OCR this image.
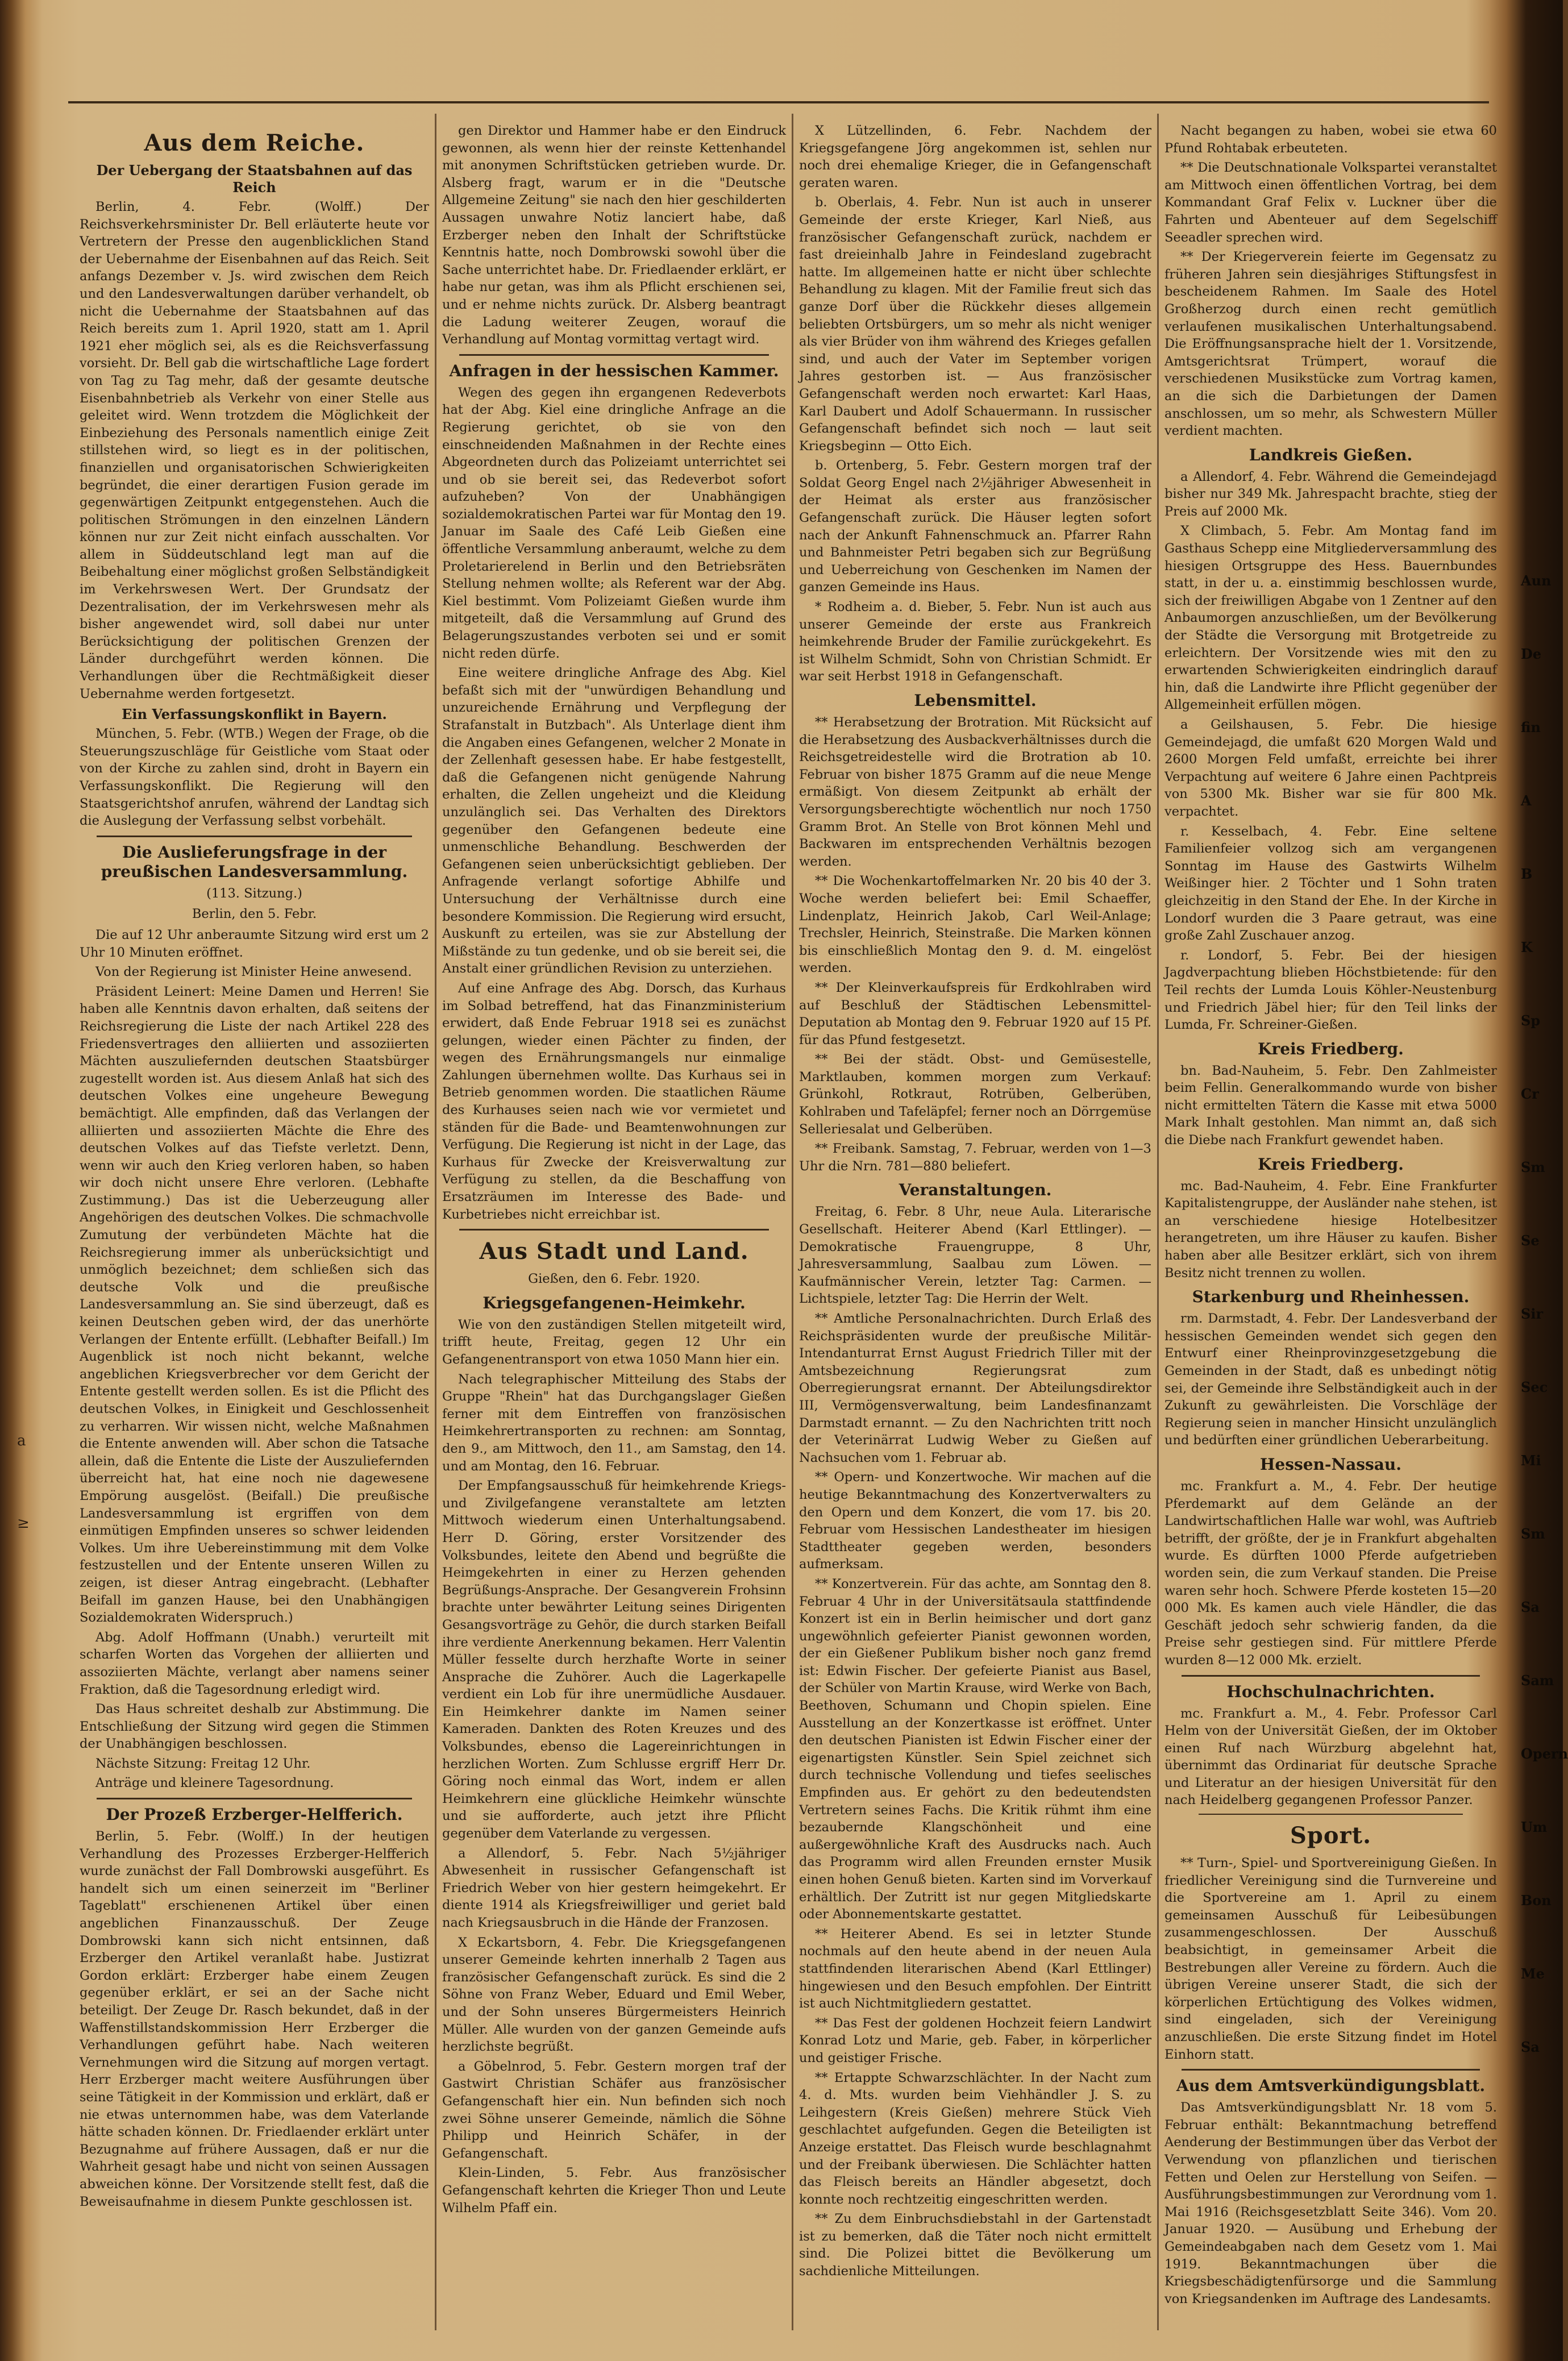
a
≥
Aus dem Reiche.
Der Uebergang der Staatsbahnen auf das Reich

Berlin, 4. Febr. (Wolff.) Der Reichsverkehrsminister Dr. Bell erläuterte heute vor Vertretern der Presse den augenblicklichen Stand der Uebernahme der Eisenbahnen auf das Reich. Seit anfangs Dezember v. Js. wird zwischen dem Reich und den Landesverwaltungen darüber verhandelt, ob nicht die Uebernahme der Staatsbahnen auf das Reich bereits zum 1. April 1920, statt am 1. April 1921 eher möglich sei, als es die Reichsverfassung vorsieht. Dr. Bell gab die wirtschaftliche Lage fordert von Tag zu Tag mehr, daß der gesamte deutsche Eisenbahnbetrieb als Verkehr von einer Stelle aus geleitet wird. Wenn trotzdem die Möglichkeit der Einbeziehung des Personals namentlich einige Zeit stillstehen wird, so liegt es in der politischen, finanziellen und organisatorischen Schwierigkeiten begründet, die einer derartigen Fusion gerade im gegenwärtigen Zeitpunkt entgegenstehen. Auch die politischen Strömungen in den einzelnen Ländern können nur zur Zeit nicht einfach ausschalten. Vor allem in Süddeutschland legt man auf die Beibehaltung einer möglichst großen Selbständigkeit im Verkehrswesen Wert. Der Grundsatz der Dezentralisation, der im Verkehrswesen mehr als bisher angewendet wird, soll dabei nur unter Berücksichtigung der politischen Grenzen der Länder durchgeführt werden können. Die Verhandlungen über die Rechtmäßigkeit dieser Uebernahme werden fortgesetzt.

Ein Verfassungskonflikt in Bayern.

München, 5. Febr. (WTB.) Wegen der Frage, ob die Steuerungszuschläge für Geistliche vom Staat oder von der Kirche zu zahlen sind, droht in Bayern ein Verfassungskonflikt. Die Regierung will den Staatsgerichtshof anrufen, während der Landtag sich die Auslegung der Verfassung selbst vorbehält.

Die Auslieferungsfrage in der preußischen Landesversammlung.

(113. Sitzung.)

Berlin, den 5. Febr.

Die auf 12 Uhr anberaumte Sitzung wird erst um 2 Uhr 10 Minuten eröffnet.

Von der Regierung ist Minister Heine anwesend.

Präsident Leinert: Meine Damen und Herren! Sie haben alle Kenntnis davon erhalten, daß seitens der Reichsregierung die Liste der nach Artikel 228 des Friedensvertrages den alliierten und assoziierten Mächten auszuliefernden deutschen Staatsbürger zugestellt worden ist. Aus diesem Anlaß hat sich des deutschen Volkes eine ungeheure Bewegung bemächtigt. Alle empfinden, daß das Verlangen der alliierten und assoziierten Mächte die Ehre des deutschen Volkes auf das Tiefste verletzt. Denn, wenn wir auch den Krieg verloren haben, so haben wir doch nicht unsere Ehre verloren. (Lebhafte Zustimmung.) Das ist die Ueberzeugung aller Angehörigen des deutschen Volkes. Die schmachvolle Zumutung der verbündeten Mächte hat die Reichsregierung immer als unberücksichtigt und unmöglich bezeichnet; dem schließen sich das deutsche Volk und die preußische Landesversammlung an. Sie sind überzeugt, daß es keinen Deutschen geben wird, der das unerhörte Verlangen der Entente erfüllt. (Lebhafter Beifall.) Im Augenblick ist noch nicht bekannt, welche angeblichen Kriegsverbrecher vor dem Gericht der Entente gestellt werden sollen. Es ist die Pflicht des deutschen Volkes, in Einigkeit und Geschlossenheit zu verharren. Wir wissen nicht, welche Maßnahmen die Entente anwenden will. Aber schon die Tatsache allein, daß die Entente die Liste der Auszuliefernden überreicht hat, hat eine noch nie dagewesene Empörung ausgelöst. (Beifall.) Die preußische Landesversammlung ist ergriffen von dem einmütigen Empfinden unseres so schwer leidenden Volkes. Um ihre Uebereinstimmung mit dem Volke festzustellen und der Entente unseren Willen zu zeigen, ist dieser Antrag eingebracht. (Lebhafter Beifall im ganzen Hause, bei den Unabhängigen Sozialdemokraten Widerspruch.)

Abg. Adolf Hoffmann (Unabh.) verurteilt mit scharfen Worten das Vorgehen der alliierten und assoziierten Mächte, verlangt aber namens seiner Fraktion, daß die Tagesordnung erledigt wird.

Das Haus schreitet deshalb zur Abstimmung. Die Entschließung der Sitzung wird gegen die Stimmen der Unabhängigen beschlossen.

Nächste Sitzung: Freitag 12 Uhr.

Anträge und kleinere Tagesordnung.

Der Prozeß Erzberger-Helfferich.

Berlin, 5. Febr. (Wolff.) In der heutigen Verhandlung des Prozesses Erzberger-Helfferich wurde zunächst der Fall Dombrowski ausgeführt. Es handelt sich um einen seinerzeit im "Berliner Tageblatt" erschienenen Artikel über einen angeblichen Finanzausschuß. Der Zeuge Dombrowski kann sich nicht entsinnen, daß Erzberger den Artikel veranlaßt habe. Justizrat Gordon erklärt: Erzberger habe einem Zeugen gegenüber erklärt, er sei an der Sache nicht beteiligt. Der Zeuge Dr. Rasch bekundet, daß in der Waffenstillstandskommission Herr Erzberger die Verhandlungen geführt habe. Nach weiteren Vernehmungen wird die Sitzung auf morgen vertagt. Herr Erzberger macht weitere Ausführungen über seine Tätigkeit in der Kommission und erklärt, daß er nie etwas unternommen habe, was dem Vaterlande hätte schaden können. Dr. Friedlaender erklärt unter Bezugnahme auf frühere Aussagen, daß er nur die Wahrheit gesagt habe und nicht von seinen Aussagen abweichen könne. Der Vorsitzende stellt fest, daß die Beweisaufnahme in diesem Punkte geschlossen ist.

gen Direktor und Hammer habe er den Eindruck gewonnen, als wenn hier der reinste Kettenhandel mit anonymen Schriftstücken getrieben wurde. Dr. Alsberg fragt, warum er in die "Deutsche Allgemeine Zeitung" sie nach den hier geschilderten Aussagen unwahre Notiz lanciert habe, daß Erzberger neben den Inhalt der Schriftstücke Kenntnis hatte, noch Dombrowski sowohl über die Sache unterrichtet habe. Dr. Friedlaender erklärt, er habe nur getan, was ihm als Pflicht erschienen sei, und er nehme nichts zurück. Dr. Alsberg beantragt die Ladung weiterer Zeugen, worauf die Verhandlung auf Montag vormittag vertagt wird.

Anfragen in der hessischen Kammer.

Wegen des gegen ihn ergangenen Redeverbots hat der Abg. Kiel eine dringliche Anfrage an die Regierung gerichtet, ob sie von den einschneidenden Maßnahmen in der Rechte eines Abgeordneten durch das Polizeiamt unterrichtet sei und ob sie bereit sei, das Redeverbot sofort aufzuheben? Von der Unabhängigen sozialdemokratischen Partei war für Montag den 19. Januar im Saale des Café Leib Gießen eine öffentliche Versammlung anberaumt, welche zu dem Proletarierelend in Berlin und den Betriebsräten Stellung nehmen wollte; als Referent war der Abg. Kiel bestimmt. Vom Polizeiamt Gießen wurde ihm mitgeteilt, daß die Versammlung auf Grund des Belagerungszustandes verboten sei und er somit nicht reden dürfe.

Eine weitere dringliche Anfrage des Abg. Kiel befaßt sich mit der "unwürdigen Behandlung und unzureichende Ernährung und Verpflegung der Strafanstalt in Butzbach". Als Unterlage dient ihm die Angaben eines Gefangenen, welcher 2 Monate in der Zellenhaft gesessen habe. Er habe festgestellt, daß die Gefangenen nicht genügende Nahrung erhalten, die Zellen ungeheizt und die Kleidung unzulänglich sei. Das Verhalten des Direktors gegenüber den Gefangenen bedeute eine unmenschliche Behandlung. Beschwerden der Gefangenen seien unberücksichtigt geblieben. Der Anfragende verlangt sofortige Abhilfe und Untersuchung der Verhältnisse durch eine besondere Kommission. Die Regierung wird ersucht, Auskunft zu erteilen, was sie zur Abstellung der Mißstände zu tun gedenke, und ob sie bereit sei, die Anstalt einer gründlichen Revision zu unterziehen.

Auf eine Anfrage des Abg. Dorsch, das Kurhaus im Solbad betreffend, hat das Finanzministerium erwidert, daß Ende Februar 1918 sei es zunächst gelungen, wieder einen Pächter zu finden, der wegen des Ernährungsmangels nur einmalige Zahlungen übernehmen wollte. Das Kurhaus sei in Betrieb genommen worden. Die staatlichen Räume des Kurhauses seien nach wie vor vermietet und ständen für die Bade- und Beamtenwohnungen zur Verfügung. Die Regierung ist nicht in der Lage, das Kurhaus für Zwecke der Kreisverwaltung zur Verfügung zu stellen, da die Beschaffung von Ersatzräumen im Interesse des Bade- und Kurbetriebes nicht erreichbar ist.

Aus Stadt und Land.

Gießen, den 6. Febr. 1920.

Kriegsgefangenen-Heimkehr.

Wie von den zuständigen Stellen mitgeteilt wird, trifft heute, Freitag, gegen 12 Uhr ein Gefangenentransport von etwa 1050 Mann hier ein.

Nach telegraphischer Mitteilung des Stabs der Gruppe "Rhein" hat das Durchgangslager Gießen ferner mit dem Eintreffen von französischen Heimkehrertransporten zu rechnen: am Sonntag, den 9., am Mittwoch, den 11., am Samstag, den 14. und am Montag, den 16. Februar.

Der Empfangsausschuß für heimkehrende Kriegs- und Zivilgefangene veranstaltete am letzten Mittwoch wiederum einen Unterhaltungsabend. Herr D. Göring, erster Vorsitzender des Volksbundes, leitete den Abend und begrüßte die Heimgekehrten in einer zu Herzen gehenden Begrüßungs-Ansprache. Der Gesangverein Frohsinn brachte unter bewährter Leitung seines Dirigenten Gesangsvorträge zu Gehör, die durch starken Beifall ihre verdiente Anerkennung bekamen. Herr Valentin Müller fesselte durch herzhafte Worte in seiner Ansprache die Zuhörer. Auch die Lagerkapelle verdient ein Lob für ihre unermüdliche Ausdauer. Ein Heimkehrer dankte im Namen seiner Kameraden. Dankten des Roten Kreuzes und des Volksbundes, ebenso die Lagereinrichtungen in herzlichen Worten. Zum Schlusse ergriff Herr Dr. Göring noch einmal das Wort, indem er allen Heimkehrern eine glückliche Heimkehr wünschte und sie aufforderte, auch jetzt ihre Pflicht gegenüber dem Vaterlande zu vergessen.

a Allendorf, 5. Febr. Nach 5½jähriger Abwesenheit in russischer Gefangenschaft ist Friedrich Weber von hier gestern heimgekehrt. Er diente 1914 als Kriegsfreiwilliger und geriet bald nach Kriegsausbruch in die Hände der Franzosen.

X Eckartsborn, 4. Febr. Die Kriegsgefangenen unserer Gemeinde kehrten innerhalb 2 Tagen aus französischer Gefangenschaft zurück. Es sind die 2 Söhne von Franz Weber, Eduard und Emil Weber, und der Sohn unseres Bürgermeisters Heinrich Müller. Alle wurden von der ganzen Gemeinde aufs herzlichste begrüßt.

a Göbelnrod, 5. Febr. Gestern morgen traf der Gastwirt Christian Schäfer aus französischer Gefangenschaft hier ein. Nun befinden sich noch zwei Söhne unserer Gemeinde, nämlich die Söhne Philipp und Heinrich Schäfer, in der Gefangenschaft.

Klein-Linden, 5. Febr. Aus französischer Gefangenschaft kehrten die Krieger Thon und Leute Wilhelm Pfaff ein.

X Lützellinden, 6. Febr. Nachdem der Kriegsgefangene Jörg angekommen ist, sehlen nur noch drei ehemalige Krieger, die in Gefangenschaft geraten waren.

b. Oberlais, 4. Febr. Nun ist auch in unserer Gemeinde der erste Krieger, Karl Nieß, aus französischer Gefangenschaft zurück, nachdem er fast dreieinhalb Jahre in Feindesland zugebracht hatte. Im allgemeinen hatte er nicht über schlechte Behandlung zu klagen. Mit der Familie freut sich das ganze Dorf über die Rückkehr dieses allgemein beliebten Ortsbürgers, um so mehr als nicht weniger als vier Brüder von ihm während des Krieges gefallen sind, und auch der Vater im September vorigen Jahres gestorben ist. — Aus französischer Gefangenschaft werden noch erwartet: Karl Haas, Karl Daubert und Adolf Schauermann. In russischer Gefangenschaft befindet sich noch — laut seit Kriegsbeginn — Otto Eich.

b. Ortenberg, 5. Febr. Gestern morgen traf der Soldat Georg Engel nach 2½jähriger Abwesenheit in der Heimat als erster aus französischer Gefangenschaft zurück. Die Häuser legten sofort nach der Ankunft Fahnenschmuck an. Pfarrer Rahn und Bahnmeister Petri begaben sich zur Begrüßung und Ueberreichung von Geschenken im Namen der ganzen Gemeinde ins Haus.

* Rodheim a. d. Bieber, 5. Febr. Nun ist auch aus unserer Gemeinde der erste aus Frankreich heimkehrende Bruder der Familie zurückgekehrt. Es ist Wilhelm Schmidt, Sohn von Christian Schmidt. Er war seit Herbst 1918 in Gefangenschaft.

Lebensmittel.

** Herabsetzung der Brotration. Mit Rücksicht auf die Herabsetzung des Ausbackverhältnisses durch die Reichsgetreidestelle wird die Brotration ab 10. Februar von bisher 1875 Gramm auf die neue Menge ermäßigt. Von diesem Zeitpunkt ab erhält der Versorgungsberechtigte wöchentlich nur noch 1750 Gramm Brot. An Stelle von Brot können Mehl und Backwaren im entsprechenden Verhältnis bezogen werden.

** Die Wochenkartoffelmarken Nr. 20 bis 40 der 3. Woche werden beliefert bei: Emil Schaeffer, Lindenplatz, Heinrich Jakob, Carl Weil-Anlage; Trechsler, Heinrich, Steinstraße. Die Marken können bis einschließlich Montag den 9. d. M. eingelöst werden.

** Der Kleinverkaufspreis für Erdkohlraben wird auf Beschluß der Städtischen Lebensmittel-Deputation ab Montag den 9. Februar 1920 auf 15 Pf. für das Pfund festgesetzt.

** Bei der städt. Obst- und Gemüsestelle, Marktlauben, kommen morgen zum Verkauf: Grünkohl, Rotkraut, Rotrüben, Gelberüben, Kohlraben und Tafeläpfel; ferner noch an Dörrgemüse Selleriesalat und Gelberüben.

** Freibank. Samstag, 7. Februar, werden von 1—3 Uhr die Nrn. 781—880 beliefert.

Veranstaltungen.

Freitag, 6. Febr. 8 Uhr, neue Aula. Literarische Gesellschaft. Heiterer Abend (Karl Ettlinger). — Demokratische Frauengruppe, 8 Uhr, Jahresversammlung, Saalbau zum Löwen. — Kaufmännischer Verein, letzter Tag: Carmen. — Lichtspiele, letzter Tag: Die Herrin der Welt.

** Amtliche Personalnachrichten. Durch Erlaß des Reichspräsidenten wurde der preußische Militär-Intendanturrat Ernst August Friedrich Tiller mit der Amtsbezeichnung Regierungsrat zum Oberregierungsrat ernannt. Der Abteilungsdirektor III, Vermögensverwaltung, beim Landesfinanzamt Darmstadt ernannt. — Zu den Nachrichten tritt noch der Veterinärrat Ludwig Weber zu Gießen auf Nachsuchen vom 1. Februar ab.

** Opern- und Konzertwoche. Wir machen auf die heutige Bekanntmachung des Konzertverwalters zu den Opern und dem Konzert, die vom 17. bis 20. Februar vom Hessischen Landestheater im hiesigen Stadttheater gegeben werden, besonders aufmerksam.

** Konzertverein. Für das achte, am Sonntag den 8. Februar 4 Uhr in der Universitätsaula stattfindende Konzert ist ein in Berlin heimischer und dort ganz ungewöhnlich gefeierter Pianist gewonnen worden, der ein Gießener Publikum bisher noch ganz fremd ist: Edwin Fischer. Der gefeierte Pianist aus Basel, der Schüler von Martin Krause, wird Werke von Bach, Beethoven, Schumann und Chopin spielen. Eine Ausstellung an der Konzertkasse ist eröffnet. Unter den deutschen Pianisten ist Edwin Fischer einer der eigenartigsten Künstler. Sein Spiel zeichnet sich durch technische Vollendung und tiefes seelisches Empfinden aus. Er gehört zu den bedeutendsten Vertretern seines Fachs. Die Kritik rühmt ihm eine bezaubernde Klangschönheit und eine außergewöhnliche Kraft des Ausdrucks nach. Auch das Programm wird allen Freunden ernster Musik einen hohen Genuß bieten. Karten sind im Vorverkauf erhältlich. Der Zutritt ist nur gegen Mitgliedskarte oder Abonnementskarte gestattet.

** Heiterer Abend. Es sei in letzter Stunde nochmals auf den heute abend in der neuen Aula stattfindenden literarischen Abend (Karl Ettlinger) hingewiesen und den Besuch empfohlen. Der Eintritt ist auch Nichtmitgliedern gestattet.

** Das Fest der goldenen Hochzeit feiern Landwirt Konrad Lotz und Marie, geb. Faber, in körperlicher und geistiger Frische.

** Ertappte Schwarzschlächter. In der Nacht zum 4. d. Mts. wurden beim Viehhändler J. S. zu Leihgestern (Kreis Gießen) mehrere Stück Vieh geschlachtet aufgefunden. Gegen die Beteiligten ist Anzeige erstattet. Das Fleisch wurde beschlagnahmt und der Freibank überwiesen. Die Schlächter hatten das Fleisch bereits an Händler abgesetzt, doch konnte noch rechtzeitig eingeschritten werden.

** Zu dem Einbruchsdiebstahl in der Gartenstadt ist zu bemerken, daß die Täter noch nicht ermittelt sind. Die Polizei bittet die Bevölkerung um sachdienliche Mitteilungen.

Nacht begangen zu haben, wobei sie etwa 60 Pfund Rohtabak erbeuteten.

** Die Deutschnationale Volkspartei veranstaltet am Mittwoch einen öffentlichen Vortrag, bei dem Kommandant Graf Felix v. Luckner über die Fahrten und Abenteuer auf dem Segelschiff Seeadler sprechen wird.

** Der Kriegerverein feierte im Gegensatz zu früheren Jahren sein diesjähriges Stiftungsfest in bescheidenem Rahmen. Im Saale des Hotel Großherzog durch einen recht gemütlich verlaufenen musikalischen Unterhaltungsabend. Die Eröffnungsansprache hielt der 1. Vorsitzende, Amtsgerichtsrat Trümpert, worauf die verschiedenen Musikstücke zum Vortrag kamen, an die sich die Darbietungen der Damen anschlossen, um so mehr, als Schwestern Müller verdient machten.

Landkreis Gießen.

a Allendorf, 4. Febr. Während die Gemeindejagd bisher nur 349 Mk. Jahrespacht brachte, stieg der Preis auf 2000 Mk.

X Climbach, 5. Febr. Am Montag fand im Gasthaus Schepp eine Mitgliederversammlung des hiesigen Ortsgruppe des Hess. Bauernbundes statt, in der u. a. einstimmig beschlossen wurde, sich der freiwilligen Abgabe von 1 Zentner auf den Anbaumorgen anzuschließen, um der Bevölkerung der Städte die Versorgung mit Brotgetreide zu erleichtern. Der Vorsitzende wies mit den zu erwartenden Schwierigkeiten eindringlich darauf hin, daß die Landwirte ihre Pflicht gegenüber der Allgemeinheit erfüllen mögen.

a Geilshausen, 5. Febr. Die hiesige Gemeindejagd, die umfaßt 620 Morgen Wald und 2600 Morgen Feld umfaßt, erreichte bei ihrer Verpachtung auf weitere 6 Jahre einen Pachtpreis von 5300 Mk. Bisher war sie für 800 Mk. verpachtet.

r. Kesselbach, 4. Febr. Eine seltene Familienfeier vollzog sich am vergangenen Sonntag im Hause des Gastwirts Wilhelm Weißinger hier. 2 Töchter und 1 Sohn traten gleichzeitig in den Stand der Ehe. In der Kirche in Londorf wurden die 3 Paare getraut, was eine große Zahl Zuschauer anzog.

r. Londorf, 5. Febr. Bei der hiesigen Jagdverpachtung blieben Höchstbietende: für den Teil rechts der Lumda Louis Köhler-Neustenburg und Friedrich Jäbel hier; für den Teil links der Lumda, Fr. Schreiner-Gießen.

Kreis Friedberg.

bn. Bad-Nauheim, 5. Febr. Den Zahlmeister beim Fellin. Generalkommando wurde von bisher nicht ermittelten Tätern die Kasse mit etwa 5000 Mark Inhalt gestohlen. Man nimmt an, daß sich die Diebe nach Frankfurt gewendet haben.

Kreis Friedberg.

mc. Bad-Nauheim, 4. Febr. Eine Frankfurter Kapitalistengruppe, der Ausländer nahe stehen, ist an verschiedene hiesige Hotelbesitzer herangetreten, um ihre Häuser zu kaufen. Bisher haben aber alle Besitzer erklärt, sich von ihrem Besitz nicht trennen zu wollen.

Starkenburg und Rheinhessen.

rm. Darmstadt, 4. Febr. Der Landesverband der hessischen Gemeinden wendet sich gegen den Entwurf einer Rheinprovinzgesetzgebung die Gemeinden in der Stadt, daß es unbedingt nötig sei, der Gemeinde ihre Selbständigkeit auch in der Zukunft zu gewährleisten. Die Vorschläge der Regierung seien in mancher Hinsicht unzulänglich und bedürften einer gründlichen Ueberarbeitung.

Hessen-Nassau.

mc. Frankfurt a. M., 4. Febr. Der heutige Pferdemarkt auf dem Gelände an der Landwirtschaftlichen Halle war wohl, was Auftrieb betrifft, der größte, der je in Frankfurt abgehalten wurde. Es dürften 1000 Pferde aufgetrieben worden sein, die zum Verkauf standen. Die Preise waren sehr hoch. Schwere Pferde kosteten 15—20 000 Mk. Es kamen auch viele Händler, die das Geschäft jedoch sehr schwierig fanden, da die Preise sehr gestiegen sind. Für mittlere Pferde wurden 8—12 000 Mk. erzielt.

Hochschulnachrichten.

mc. Frankfurt a. M., 4. Febr. Professor Carl Helm von der Universität Gießen, der im Oktober einen Ruf nach Würzburg abgelehnt hat, übernimmt das Ordinariat für deutsche Sprache und Literatur an der hiesigen Universität für den nach Heidelberg gegangenen Professor Panzer.

Sport.

** Turn-, Spiel- und Sportvereinigung Gießen. In friedlicher Vereinigung sind die Turnvereine und die Sportvereine am 1. April zu einem gemeinsamen Ausschuß für Leibesübungen zusammengeschlossen. Der Ausschuß beabsichtigt, in gemeinsamer Arbeit die Bestrebungen aller Vereine zu fördern. Auch die übrigen Vereine unserer Stadt, die sich der körperlichen Ertüchtigung des Volkes widmen, sind eingeladen, sich der Vereinigung anzuschließen. Die erste Sitzung findet im Hotel Einhorn statt.

Aus dem Amtsverkündigungsblatt.

Das Amtsverkündigungsblatt Nr. 18 vom 5. Februar enthält: Bekanntmachung betreffend Aenderung der Bestimmungen über das Verbot der Verwendung von pflanzlichen und tierischen Fetten und Oelen zur Herstellung von Seifen. — Ausführungsbestimmungen zur Verordnung vom 1. Mai 1916 (Reichsgesetzblatt Seite 346). Vom 20. Januar 1920. — Ausübung und Erhebung der Gemeindeabgaben nach dem Gesetz vom 1. Mai 1919. Bekanntmachungen über die Kriegsbeschädigtenfürsorge und die Sammlung von Kriegsandenken im Auftrage des Landesamts.

Aun
De
fin
A
B
K
Sp
Cr
Sm
Se
Sir
Sec
Mi
Sm
Sa
Sam
Opern
Um
Bon
Me
Sa
